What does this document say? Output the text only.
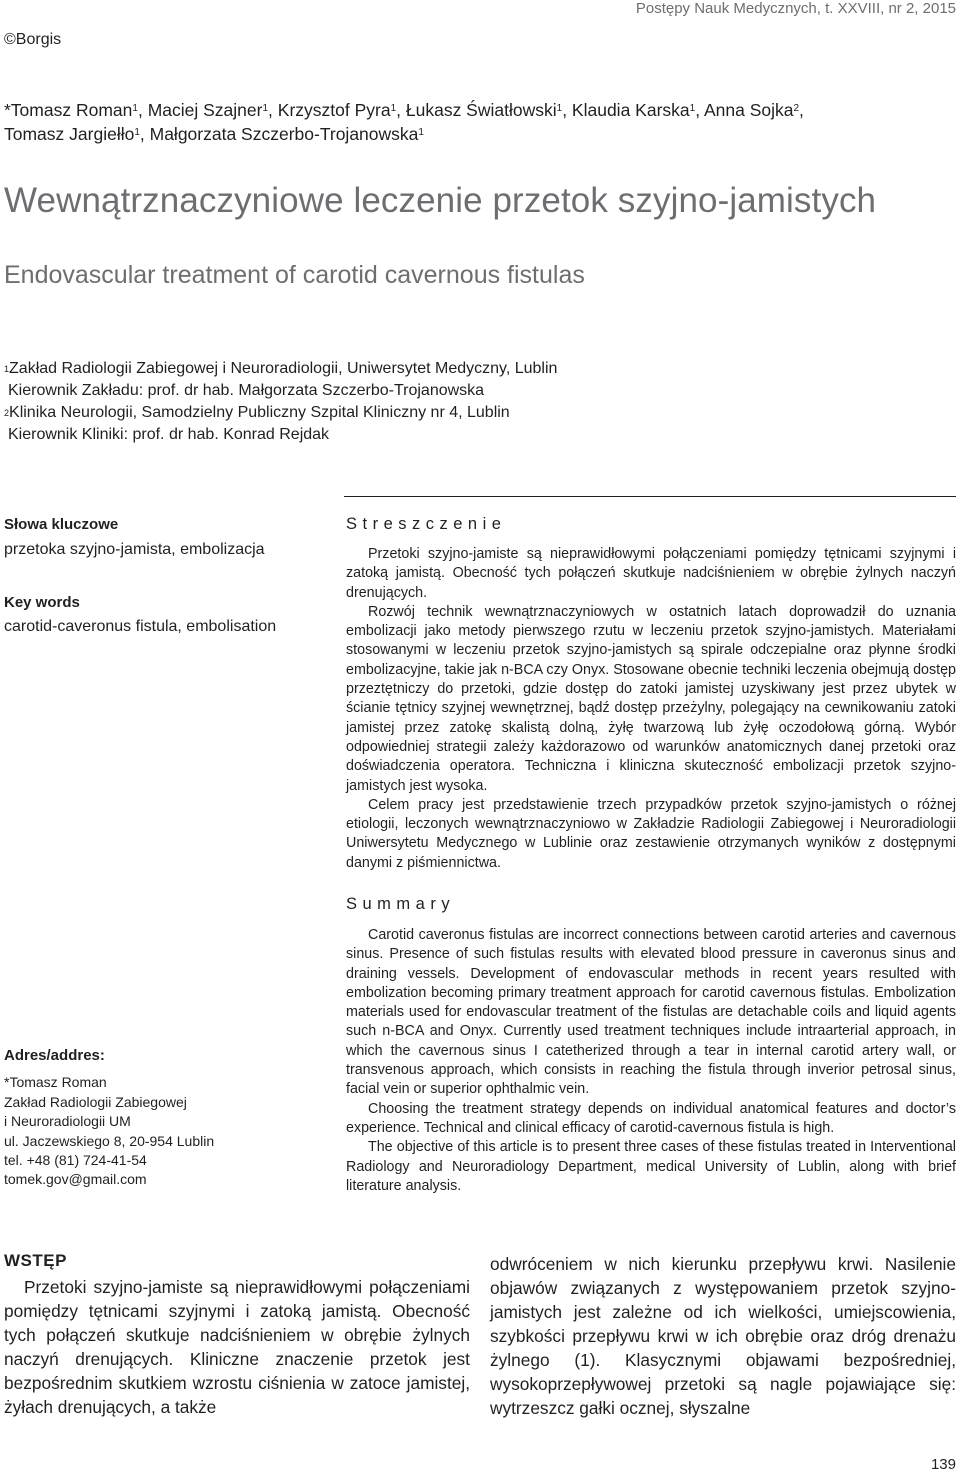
Postępy Nauk Medycznych, t. XXVIII, nr 2, 2015
©Borgis
*Tomasz Roman$^1$, Maciej Szajner$^1$, Krzysztof Pyra$^1$, Łukasz Światłowski$^1$, Klaudia Karska$^1$, Anna Sojka$^2$,
Tomasz Jargiełło$^1$, Małgorzata Szczerbo-Trojanowska$^1$
Wewnątrznaczyniowe leczenie przetok szyjno-jamistych
Endovascular treatment of carotid cavernous fistulas
$^1$Zakład Radiologii Zabiegowej i Neuroradiologii, Uniwersytet Medyczny, Lublin
Kierownik Zakładu: prof. dr hab. Małgorzata Szczerbo-Trojanowska
$^2$Klinika Neurologii, Samodzielny Publiczny Szpital Kliniczny nr 4, Lublin
Kierownik Kliniki: prof. dr hab. Konrad Rejdak
Słowa kluczowe
przetoka szyjno-jamista, embolizacja
Key words
carotid-caveronus fistula, embolisation
Streszczenie

Przetoki szyjno-jamiste są nieprawidłowymi połączeniami pomiędzy tętnicami szyjnymi i zatoką jamistą. Obecność tych połączeń skutkuje nadciśnieniem w obrębie żylnych naczyń drenujących.

Rozwój technik wewnątrznaczyniowych w ostatnich latach doprowadził do uznania embolizacji jako metody pierwszego rzutu w leczeniu przetok szyjno-jamistych. Materiałami stosowanymi w leczeniu przetok szyjno-jamistych są spirale odczepialne oraz płynne środki embolizacyjne, takie jak n-BCA czy Onyx. Stosowane obecnie techniki leczenia obejmują dostęp przeztętniczy do przetoki, gdzie dostęp do zatoki jamistej uzyskiwany jest przez ubytek w ścianie tętnicy szyjnej wewnętrznej, bądź dostęp przeżylny, polegający na cewnikowaniu zatoki jamistej przez zatokę skalistą dolną, żyłę twarzową lub żyłę oczodołową górną. Wybór odpowiedniej strategii zależy każdorazowo od warunków anatomicznych danej przetoki oraz doświadczenia operatora. Techniczna i kliniczna skuteczność embolizacji przetok szyjno-jamistych jest wysoka.

Celem pracy jest przedstawienie trzech przypadków przetok szyjno-jamistych o różnej etiologii, leczonych wewnątrznaczyniowo w Zakładzie Radiologii Zabiegowej i Neuroradiologii Uniwersytetu Medycznego w Lublinie oraz zestawienie otrzymanych wyników z dostępnymi danymi z piśmiennictwa.

Summary

Carotid caveronus fistulas are incorrect connections between carotid arteries and cavernous sinus. Presence of such fistulas results with elevated blood pressure in caveronus sinus and draining vessels. Development of endovascular methods in recent years resulted with embolization becoming primary treatment approach for carotid cavernous fistulas. Embolization materials used for endovascular treatment of the fistulas are detachable coils and liquid agents such n-BCA and Onyx. Currently used treatment techniques include intraarterial approach, in which the cavernous sinus I catetherized through a tear in internal carotid artery wall, or transvenous approach, which consists in reaching the fistula through inverior petrosal sinus, facial vein or superior ophthalmic vein.

Choosing the treatment strategy depends on individual anatomical features and doctor’s experience. Technical and clinical efficacy of carotid-cavernous fistula is high.

The objective of this article is to present three cases of these fistulas treated in Interventional Radiology and Neuroradiology Department, medical University of Lublin, along with brief literature analysis.

Adres/addres:
*Tomasz Roman
Zakład Radiologii Zabiegowej
i Neuroradiologii UM
ul. Jaczewskiego 8, 20-954 Lublin
tel. +48 (81) 724-41-54
tomek.gov@gmail.com
WSTĘP

Przetoki szyjno-jamiste są nieprawidłowymi połączeniami pomiędzy tętnicami szyjnymi i zatoką jamistą. Obecność tych połączeń skutkuje nadciśnieniem w obrębie żylnych naczyń drenujących. Kliniczne znaczenie przetok jest bezpośrednim skutkiem wzrostu ciśnienia w zatoce jamistej, żyłach drenujących, a także

odwróceniem w nich kierunku przepływu krwi. Nasilenie objawów związanych z występowaniem przetok szyjno-jamistych jest zależne od ich wielkości, umiejscowienia, szybkości przepływu krwi w ich obrębie oraz dróg drenażu żylnego (1). Klasycznymi objawami bezpośredniej, wysokoprzepływowej przetoki są nagle pojawiające się: wytrzeszcz gałki ocznej, słyszalne

139
